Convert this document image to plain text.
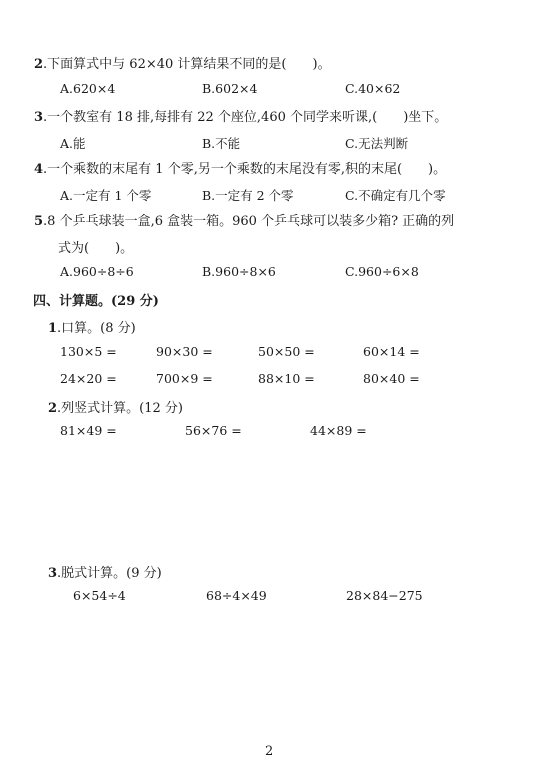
2.下面算式中与 62×40 计算结果不同的是(　　)。
A.620×4	B.602×4	C.40×62
3.一个教室有 18 排,每排有 22 个座位,460 个同学来听课,(　　)坐下。
A.能	B.不能	C.无法判断
4.一个乘数的末尾有 1 个零,另一个乘数的末尾没有零,积的末尾(　　)。
A.一定有 1 个零	B.一定有 2 个零	C.不确定有几个零
5.8 个乒乓球装一盒,6 盒装一箱。960 个乒乓球可以装多少箱? 正确的列
式为(　　)。
A.960÷8÷6	B.960÷8×6	C.960÷6×8
四、计算题。(29 分)
1.口算。(8 分)
130×5 =	90×30 =	50×50 =	60×14 =
24×20 =	700×9 =	88×10 =	80×40 =
2.列竖式计算。(12 分)
81×49 =	56×76 =	44×89 =
3.脱式计算。(9 分)
6×54÷4	68÷4×49	28×84−275
2
